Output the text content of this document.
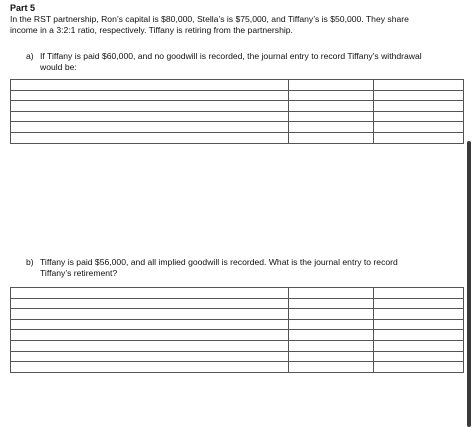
Part 5
In the RST partnership, Ron’s capital is $80,000, Stella’s is $75,000, and Tiffany’s is $50,000. They share
income in a 3:2:1 ratio, respectively. Tiffany is retiring from the partnership.
a) If Tiffany is paid $60,000, and no goodwill is recorded, the journal entry to record Tiffany’s withdrawal
would be:

b) Tiffany is paid $56,000, and all implied goodwill is recorded. What is the journal entry to record
Tiffany’s retirement?
